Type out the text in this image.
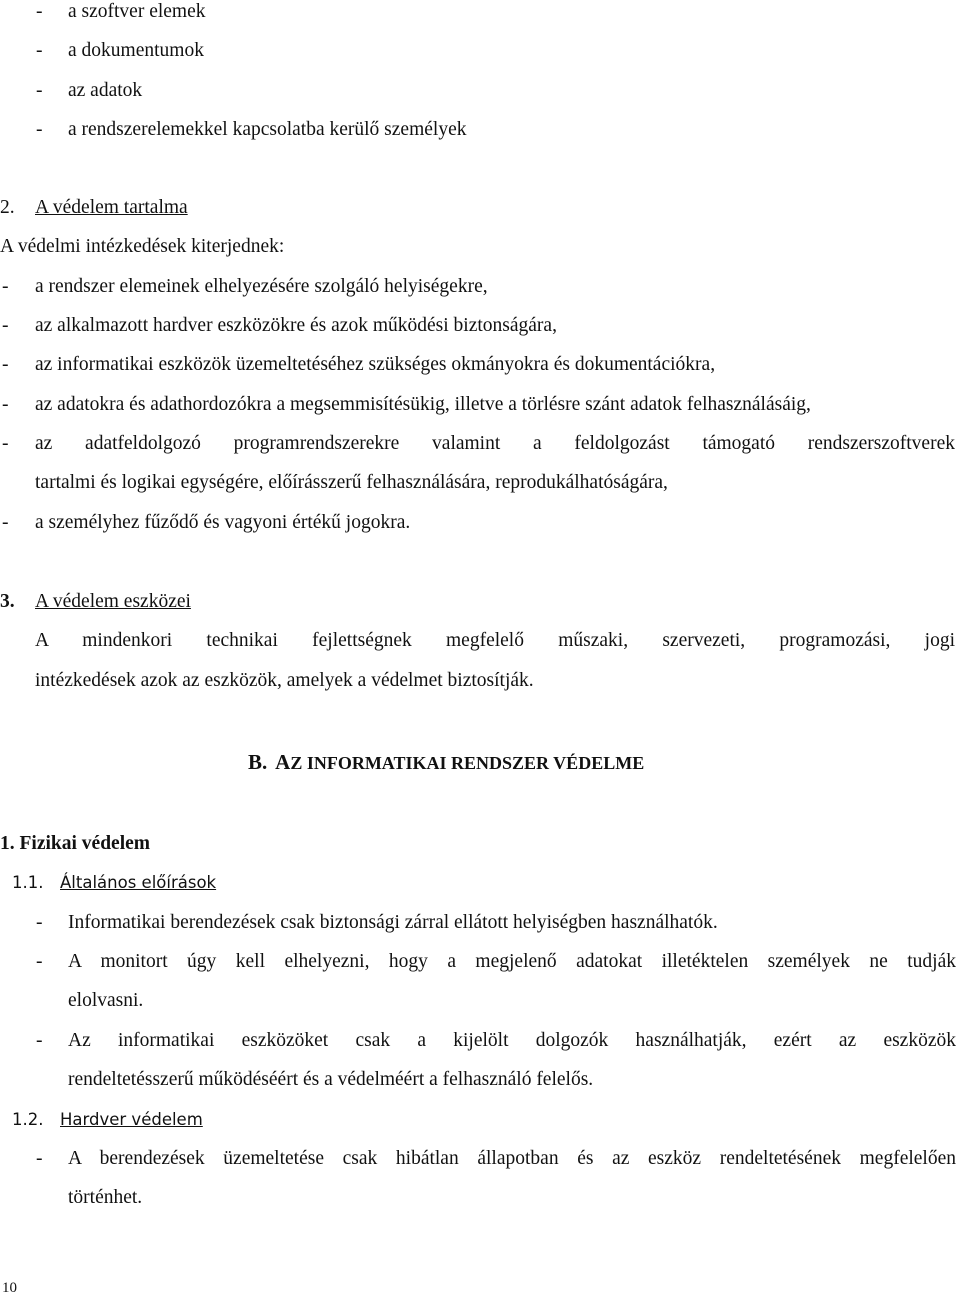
- a szoftver elemek
- a dokumentumok
- az adatok
- a rendszerelemekkel kapcsolatba kerülő személyek
2. A védelem tartalma
A védelmi intézkedések kiterjednek:
- a rendszer elemeinek elhelyezésére szolgáló helyiségekre,
- az alkalmazott hardver eszközökre és azok működési biztonságára,
- az informatikai eszközök üzemeltetéséhez szükséges okmányokra és dokumentációkra,
- az adatokra és adathordozókra a megsemmisítésükig, illetve a törlésre szánt adatok felhasználásáig,
- az adatfeldolgozó programrendszerekre valamint a feldolgozást támogató rendszerszoftverek
tartalmi és logikai egységére, előírásszerű felhasználására, reprodukálhatóságára,
- a személyhez fűződő és vagyoni értékű jogokra.
3. A védelem eszközei
A mindenkori technikai fejlettségnek megfelelő műszaki, szervezeti, programozási, jogi
intézkedések azok az eszközök, amelyek a védelmet biztosítják.
B. AZ INFORMATIKAI RENDSZER VÉDELME
1. Fizikai védelem
1.1. Általános előírások
- Informatikai berendezések csak biztonsági zárral ellátott helyiségben használhatók.
- A monitort úgy kell elhelyezni, hogy a megjelenő adatokat illetéktelen személyek ne tudják
elolvasni.
- Az informatikai eszközöket csak a kijelölt dolgozók használhatják, ezért az eszközök
rendeltetésszerű működéséért és a védelméért a felhasználó felelős.
1.2. Hardver védelem
- A berendezések üzemeltetése csak hibátlan állapotban és az eszköz rendeltetésének megfelelően
történhet.
10
